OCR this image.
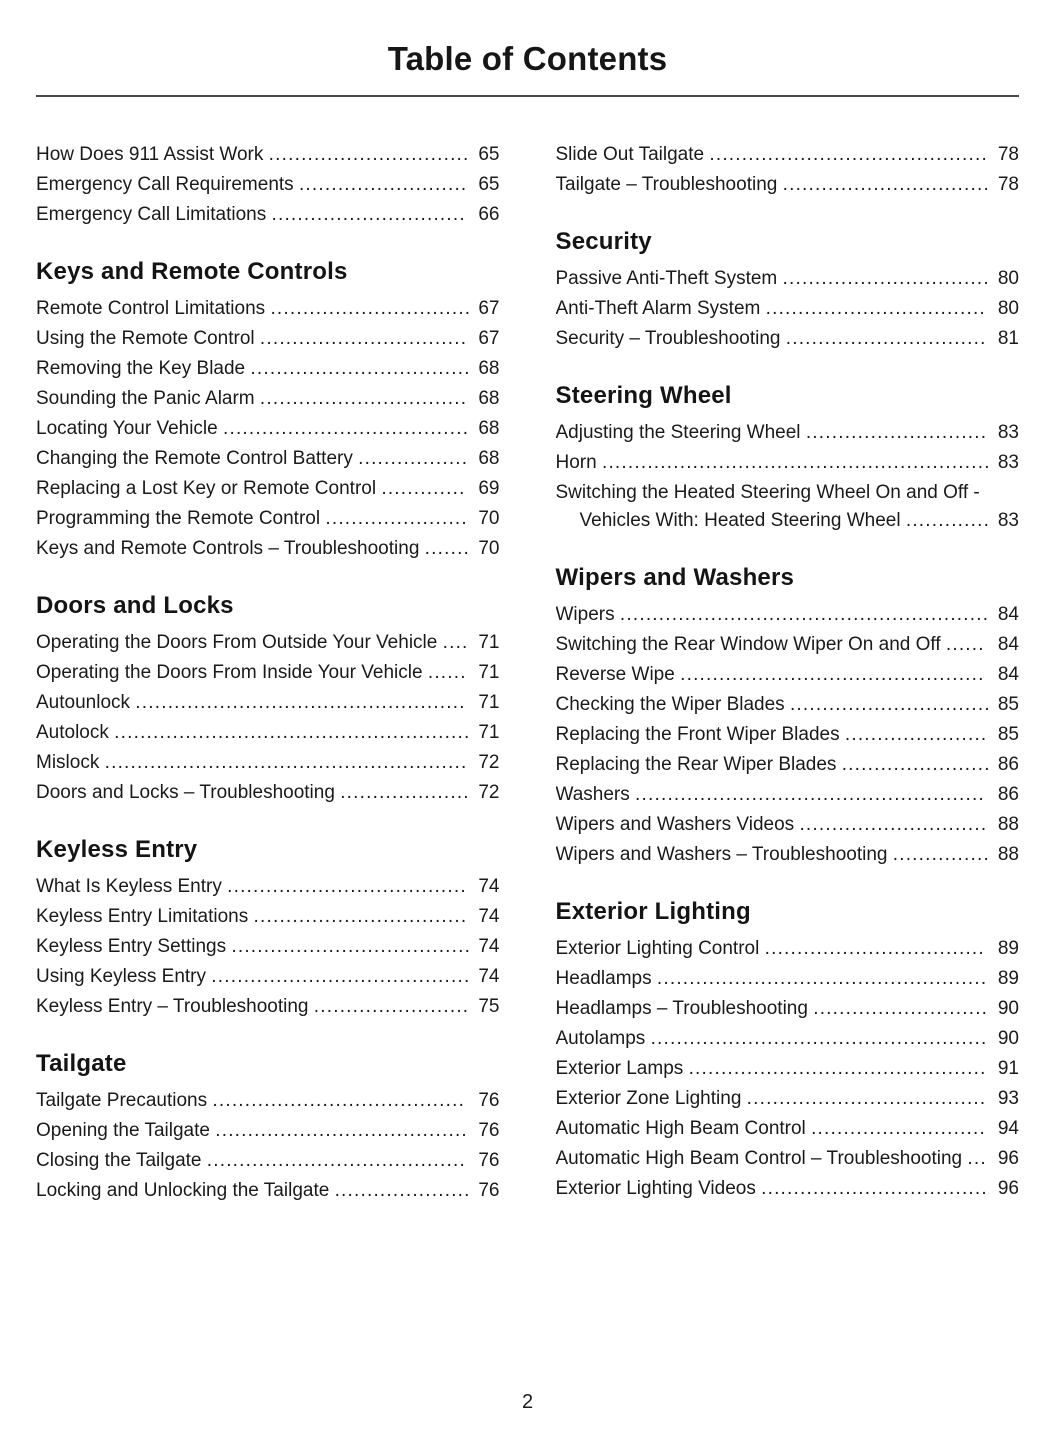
Table of Contents
How Does 911 Assist Work ............................... 65
Emergency Call Requirements .......................... 65
Emergency Call Limitations .............................. 66
Keys and Remote Controls
Remote Control Limitations ............................... 67
Using the Remote Control ................................ 67
Removing the Key Blade .................................. 68
Sounding the Panic Alarm ................................ 68
Locating Your Vehicle ...................................... 68
Changing the Remote Control Battery ................. 68
Replacing a Lost Key or Remote Control ............. 69
Programming the Remote Control ...................... 70
Keys and Remote Controls – Troubleshooting ....... 70
Doors and Locks
Operating the Doors From Outside Your Vehicle .... 71
Operating the Doors From Inside Your Vehicle ...... 71
Autounlock ................................................... 71
Autolock ....................................................... 71
Mislock ........................................................ 72
Doors and Locks – Troubleshooting .................... 72
Keyless Entry
What Is Keyless Entry ..................................... 74
Keyless Entry Limitations ................................. 74
Keyless Entry Settings ..................................... 74
Using Keyless Entry ........................................ 74
Keyless Entry – Troubleshooting ........................ 75
Tailgate
Tailgate Precautions ....................................... 76
Opening the Tailgate ....................................... 76
Closing the Tailgate ........................................ 76
Locking and Unlocking the Tailgate ..................... 76
Slide Out Tailgate ........................................... 78
Tailgate – Troubleshooting ................................ 78
Security
Passive Anti-Theft System ................................ 80
Anti-Theft Alarm System .................................. 80
Security – Troubleshooting ............................... 81
Steering Wheel
Adjusting the Steering Wheel ............................ 83
Horn ............................................................ 83
Switching the Heated Steering Wheel On and Off - Vehicles With: Heated Steering Wheel ............. 83
Wipers and Washers
Wipers ......................................................... 84
Switching the Rear Window Wiper On and Off ...... 84
Reverse Wipe ............................................... 84
Checking the Wiper Blades ............................... 85
Replacing the Front Wiper Blades ...................... 85
Replacing the Rear Wiper Blades ....................... 86
Washers ...................................................... 86
Wipers and Washers Videos ............................. 88
Wipers and Washers – Troubleshooting ............... 88
Exterior Lighting
Exterior Lighting Control .................................. 89
Headlamps ................................................... 89
Headlamps – Troubleshooting ........................... 90
Autolamps .................................................... 90
Exterior Lamps .............................................. 91
Exterior Zone Lighting ..................................... 93
Automatic High Beam Control ........................... 94
Automatic High Beam Control – Troubleshooting ... 96
Exterior Lighting Videos ................................... 96
2
